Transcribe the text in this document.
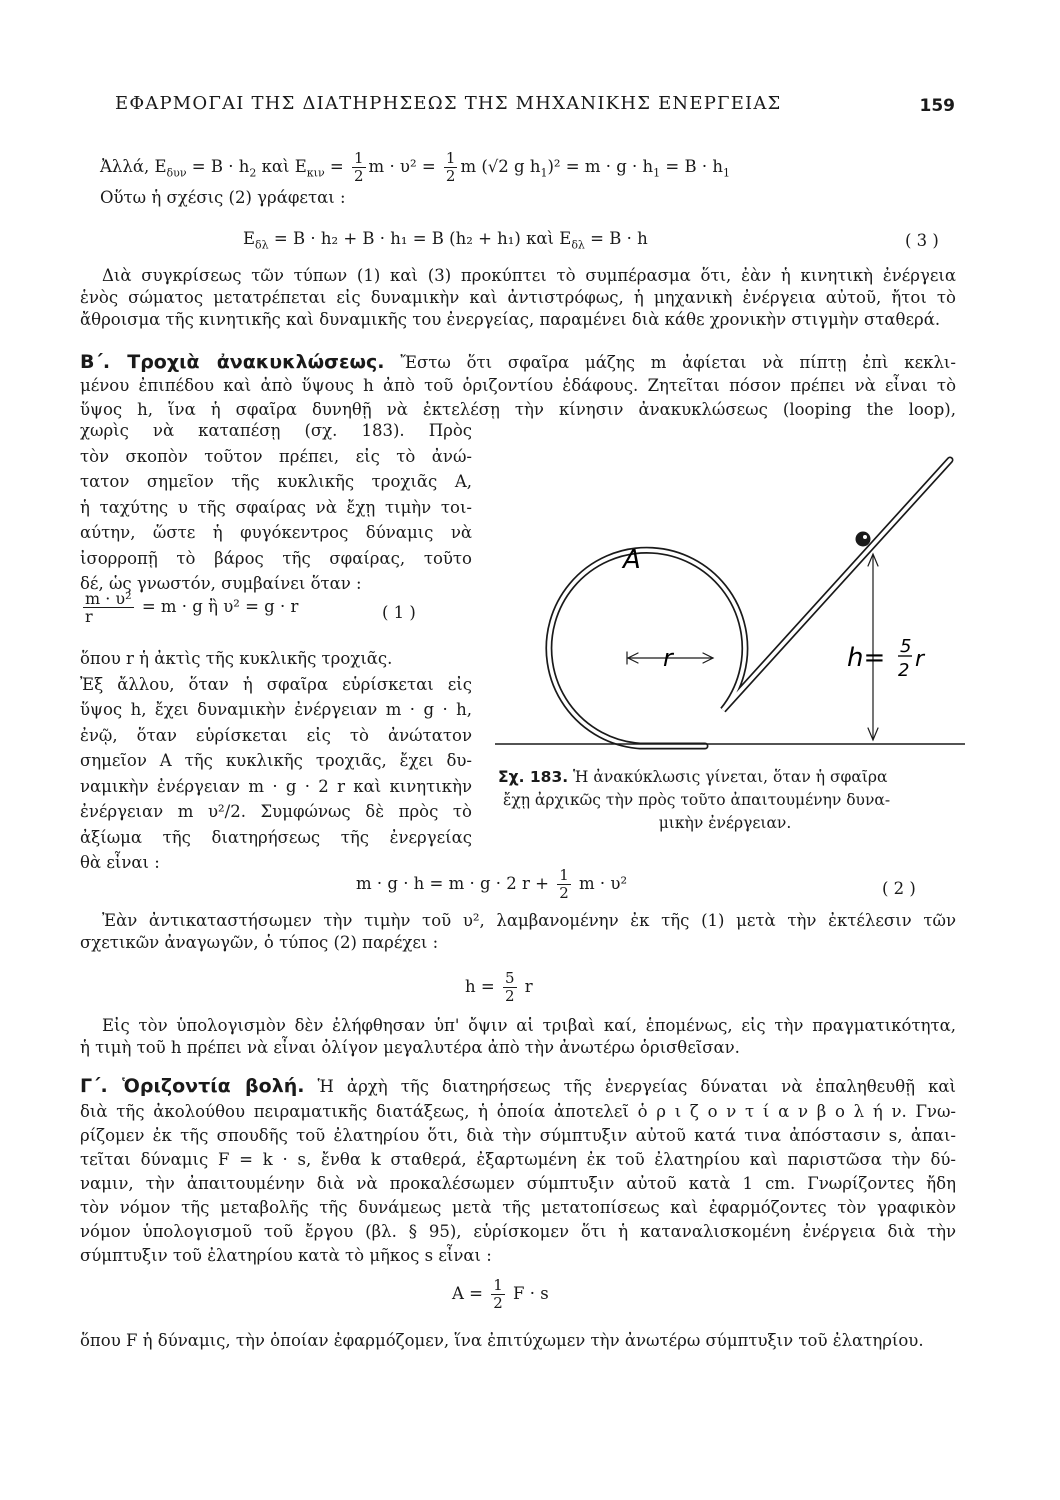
ΕΦΑΡΜΟΓΑΙ ΤΗΣ ΔΙΑΤΗΡΗΣΕΩΣ ΤΗΣ ΜΗΧΑΝΙΚΗΣ ΕΝΕΡΓΕΙΑΣ	159
Ἀλλά, $E_{\delta\upsilon\nu} = B \cdot h_2$ καὶ $E_{\kappa\iota\nu} = \frac{1}{2}$ $m \cdot \upsilon^2 = \frac{1}{2}$ m (√2 g $h_1)^2 = m \cdot g \cdot h_1 = B \cdot h_1$
Οὕτω ἡ σχέσις (2) γράφεται :
$E_{\delta\lambda} = B \cdot h_2 + B \cdot h_1 = B$ (h₂ + h₁) καὶ $E_{\delta\lambda} = B \cdot h$	( 3 )
Διὰ συγκρίσεως τῶν τύπων (1) καὶ (3) προκύπτει τὸ συμπέρασμα ὅτι, ἐὰν ἡ κινητικὴ ἐνέργεια
ἑνὸς σώματος μετατρέπεται εἰς δυναμικὴν καὶ ἀντιστρόφως, ἡ μηχανικὴ ἐνέργεια αὐτοῦ, ἤτοι τὸ
ἄθροισμα τῆς κινητικῆς καὶ δυναμικῆς του ἐνεργείας, παραμένει διὰ κάθε χρονικὴν στιγμὴν σταθερά.
Β΄. Τροχιὰ ἀνακυκλώσεως. Ἔστω ὅτι σφαῖρα μάζης m ἀφίεται νὰ πίπτῃ ἐπὶ κεκλι-
μένου ἐπιπέδου καὶ ἀπὸ ὕψους h ἀπὸ τοῦ ὁριζοντίου ἐδάφους. Ζητεῖται πόσον πρέπει νὰ εἶναι τὸ
ὕψος h, ἵνα ἡ σφαῖρα δυνηθῇ νὰ ἐκτελέσῃ τὴν κίνησιν ἀνακυκλώσεως (looping the loop),
χωρὶς νὰ καταπέσῃ (σχ. 183). Πρὸς
τὸν σκοπὸν τοῦτον πρέπει, εἰς τὸ ἀνώ-
τατον σημεῖον τῆς κυκλικῆς τροχιᾶς Α,
ἡ ταχύτης υ τῆς σφαίρας νὰ ἔχῃ τιμὴν τοι-
αύτην, ὥστε ἡ φυγόκεντρος δύναμις νὰ
ἰσορροπῇ τὸ βάρος τῆς σφαίρας, τοῦτο
δέ, ὡς γνωστόν, συμβαίνει ὅταν :
$\frac{\text{m · υ²}}{r} = m \cdot g$ ἢ υ² = g · r	( 1 )
ὅπου r ἡ ἀκτὶς τῆς κυκλικῆς τροχιᾶς.
Ἐξ ἄλλου, ὅταν ἡ σφαῖρα εὑρίσκεται εἰς
ὕψος h, ἔχει δυναμικὴν ἐνέργειαν m · g · h,
ἐνῷ, ὅταν εὑρίσκεται εἰς τὸ ἀνώτατον
σημεῖον Α τῆς κυκλικῆς τροχιᾶς, ἔχει δυ-
ναμικὴν ἐνέργειαν m · g · 2 r καὶ κινητικὴν
ἐνέργειαν m υ²/2. Συμφώνως δὲ πρὸς τὸ
ἀξίωμα τῆς διατηρήσεως τῆς ἐνεργείας
θὰ εἶναι :
A
r	h= 5
2 r
Σχ. 183. Ἡ ἀνακύκλωσις γίνεται, ὅταν ἡ σφαῖρα
ἔχῃ ἀρχικῶς τὴν πρὸς τοῦτο ἀπαιτουμένην δυνα-
μικὴν ἐνέργειαν.
m · g · h = m · g · 2 $r + \frac{1}{2}$ m · υ²	( 2 )
Ἐὰν ἀντικαταστήσωμεν τὴν τιμὴν τοῦ υ², λαμβανομένην ἐκ τῆς (1) μετὰ τὴν ἐκτέλεσιν τῶν
σχετικῶν ἀναγωγῶν, ὁ τύπος (2) παρέχει :
$h = \frac{5}{2}$ r
Εἰς τὸν ὑπολογισμὸν δὲν ἐλήφθησαν ὑπ' ὄψιν αἱ τριβαὶ καί, ἑπομένως, εἰς τὴν πραγματικότητα,
ἡ τιμὴ τοῦ h πρέπει νὰ εἶναι ὀλίγον μεγαλυτέρα ἀπὸ τὴν ἀνωτέρω ὁρισθεῖσαν.
Γ΄. Ὁριζοντία βολή. Ἡ ἀρχὴ τῆς διατηρήσεως τῆς ἐνεργείας δύναται νὰ ἐπαληθευθῇ καὶ
διὰ τῆς ἀκολούθου πειραματικῆς διατάξεως, ἡ ὁποία ἀποτελεῖ ὁ ρ ι ζ ο ν τ ί α ν β ο λ ή ν. Γνω-
ρίζομεν ἐκ τῆς σπουδῆς τοῦ ἐλατηρίου ὅτι, διὰ τὴν σύμπτυξιν αὐτοῦ κατά τινα ἀπόστασιν s, ἀπαι-
τεῖται δύναμις F = k · s, ἔνθα k σταθερά, ἐξαρτωμένη ἐκ τοῦ ἐλατηρίου καὶ παριστῶσα τὴν δύ-
ναμιν, τὴν ἀπαιτουμένην διὰ νὰ προκαλέσωμεν σύμπτυξιν αὐτοῦ κατὰ 1 cm. Γνωρίζοντες ἤδη
τὸν νόμον τῆς μεταβολῆς τῆς δυνάμεως μετὰ τῆς μετατοπίσεως καὶ ἐφαρμόζοντες τὸν γραφικὸν
νόμον ὑπολογισμοῦ τοῦ ἔργου (βλ. § 95), εὑρίσκομεν ὅτι ἡ καταναλισκομένη ἐνέργεια διὰ τὴν
σύμπτυξιν τοῦ ἐλατηρίου κατὰ τὸ μῆκος s εἶναι :
$A = \frac{1}{2}$ F · s
ὅπου F ἡ δύναμις, τὴν ὁποίαν ἐφαρμόζομεν, ἵνα ἐπιτύχωμεν τὴν ἀνωτέρω σύμπτυξιν τοῦ ἐλατηρίου.
